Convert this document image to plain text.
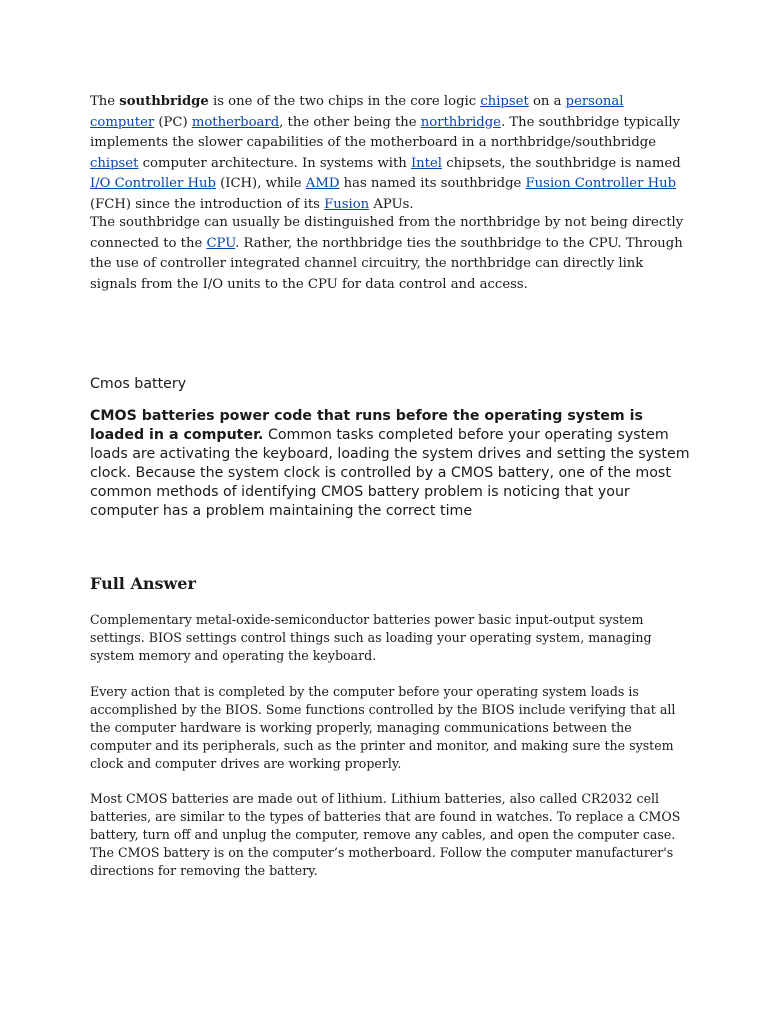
The southbridge is one of the two chips in the core logic chipset on a personal computer (PC) motherboard, the other being the northbridge. The southbridge typically implements the slower capabilities of the motherboard in a northbridge/southbridge chipset computer architecture. In systems with Intel chipsets, the southbridge is named I/O Controller Hub (ICH), while AMD has named its southbridge Fusion Controller Hub (FCH) since the introduction of its Fusion APUs.

The southbridge can usually be distinguished from the northbridge by not being directly connected to the CPU. Rather, the northbridge ties the southbridge to the CPU. Through the use of controller integrated channel circuitry, the northbridge can directly link signals from the I/O units to the CPU for data control and access.

Cmos battery

CMOS batteries power code that runs before the operating system is loaded in a computer. Common tasks completed before your operating system loads are activating the keyboard, loading the system drives and setting the system clock. Because the system clock is controlled by a CMOS battery, one of the most common methods of identifying CMOS battery problem is noticing that your computer has a problem maintaining the correct time

Full Answer

Complementary metal-oxide-semiconductor batteries power basic input-output system settings. BIOS settings control things such as loading your operating system, managing system memory and operating the keyboard.

Every action that is completed by the computer before your operating system loads is accomplished by the BIOS. Some functions controlled by the BIOS include verifying that all the computer hardware is working properly, managing communications between the computer and its peripherals, such as the printer and monitor, and making sure the system clock and computer drives are working properly.

Most CMOS batteries are made out of lithium. Lithium batteries, also called CR2032 cell batteries, are similar to the types of batteries that are found in watches. To replace a CMOS battery, turn off and unplug the computer, remove any cables, and open the computer case. The CMOS battery is on the computer’s motherboard. Follow the computer manufacturer's directions for removing the battery.
